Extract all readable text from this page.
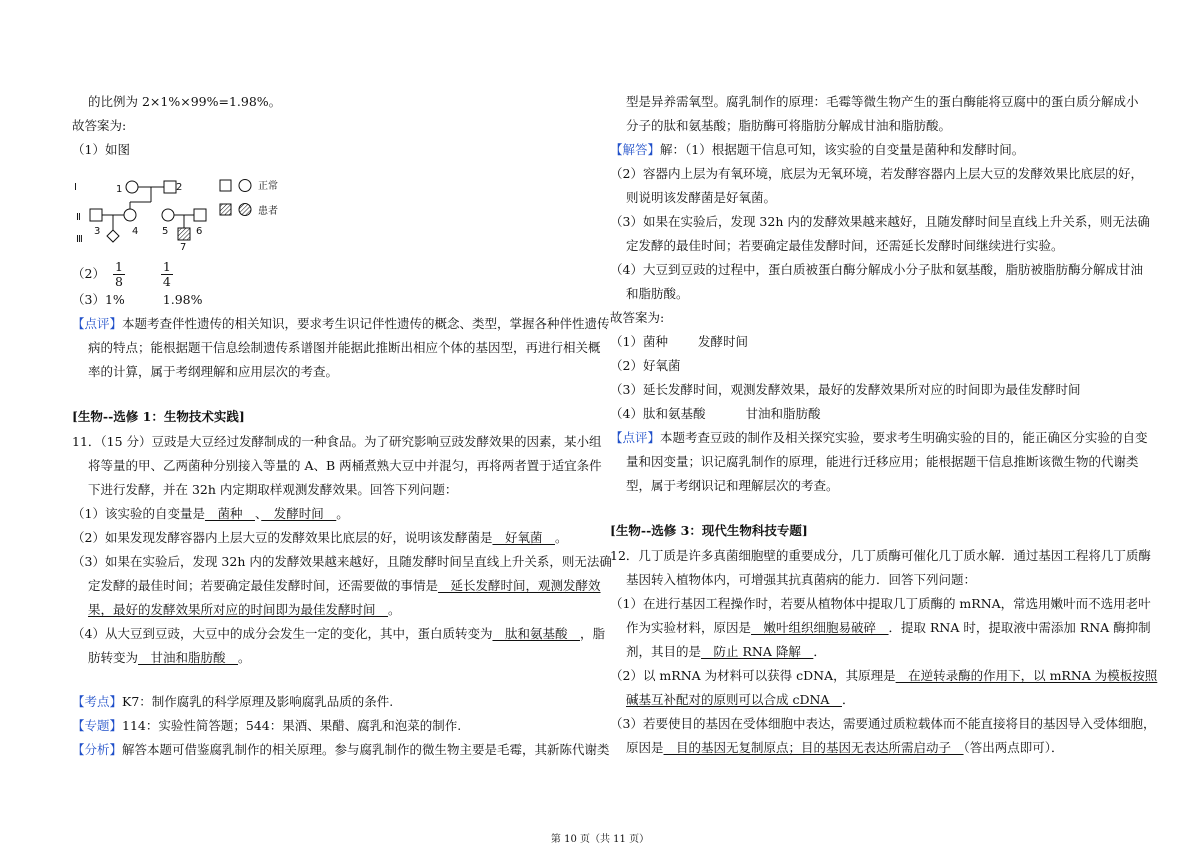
的比例为 2×1%×99%=1.98%。
故答案为:
（1）如图
Ⅰ
Ⅱ
Ⅲ
1	2
3	4 5	6
7
正常
患者
$(2) \frac{1}{8}$
	$\frac{1}{4}$
（3）1%	1.98%
【点评】本题考查伴性遗传的相关知识，要求考生识记伴性遗传的概念、类型，掌握各种伴性遗传
病的特点；能根据题干信息绘制遗传系谱图并能据此推断出相应个体的基因型，再进行相关概
率的计算，属于考纲理解和应用层次的考查。
[生物--选修 1：生物技术实践]
11．（15 分）豆豉是大豆经过发酵制成的一种食品。为了研究影响豆豉发酵效果的因素，某小组
将等量的甲、乙两菌种分别接入等量的 A、B 两桶煮熟大豆中并混匀，再将两者置于适宜条件
下进行发酵，并在 32h 内定期取样观测发酵效果。回答下列问题：
（1）该实验的自变量是　菌种　、　发酵时间　。
（2）如果发现发酵容器内上层大豆的发酵效果比底层的好，说明该发酵菌是　好氧菌　。
（3）如果在实验后，发现 32h 内的发酵效果越来越好，且随发酵时间呈直线上升关系，则无法确
定发酵的最佳时间；若要确定最佳发酵时间，还需要做的事情是　延长发酵时间，观测发酵效
果，最好的发酵效果所对应的时间即为最佳发酵时间　。
（4）从大豆到豆豉，大豆中的成分会发生一定的变化，其中，蛋白质转变为　肽和氨基酸　，脂
肪转变为　甘油和脂肪酸　。
【考点】K7：制作腐乳的科学原理及影响腐乳品质的条件.
【专题】114：实验性简答题；544：果酒、果醋、腐乳和泡菜的制作.
【分析】解答本题可借鉴腐乳制作的相关原理。参与腐乳制作的微生物主要是毛霉，其新陈代谢类
型是异养需氧型。腐乳制作的原理：毛霉等微生物产生的蛋白酶能将豆腐中的蛋白质分解成小
分子的肽和氨基酸；脂肪酶可将脂肪分解成甘油和脂肪酸。
【解答】解：（1）根据题干信息可知，该实验的自变量是菌种和发酵时间。
（2）容器内上层为有氧环境，底层为无氧环境，若发酵容器内上层大豆的发酵效果比底层的好，
则说明该发酵菌是好氧菌。
（3）如果在实验后，发现 32h 内的发酵效果越来越好，且随发酵时间呈直线上升关系，则无法确
定发酵的最佳时间；若要确定最佳发酵时间，还需延长发酵时间继续进行实验。
（4）大豆到豆豉的过程中，蛋白质被蛋白酶分解成小分子肽和氨基酸，脂肪被脂肪酶分解成甘油
和脂肪酸。
故答案为:
（1）菌种 发酵时间
（2）好氧菌
（3）延长发酵时间，观测发酵效果，最好的发酵效果所对应的时间即为最佳发酵时间
（4）肽和氨基酸	甘油和脂肪酸
【点评】本题考查豆豉的制作及相关探究实验，要求考生明确实验的目的，能正确区分实验的自变
量和因变量；识记腐乳制作的原理，能进行迁移应用；能根据题干信息推断该微生物的代谢类
型，属于考纲识记和理解层次的考查。
[生物--选修 3：现代生物科技专题]
12．几丁质是许多真菌细胞壁的重要成分，几丁质酶可催化几丁质水解．通过基因工程将几丁质酶
基因转入植物体内，可增强其抗真菌病的能力．回答下列问题：
（1）在进行基因工程操作时，若要从植物体中提取几丁质酶的 mRNA，常选用嫩叶而不选用老叶
作为实验材料，原因是　嫩叶组织细胞易破碎　．提取 RNA 时，提取液中需添加 RNA 酶抑制
剂，其目的是　防止 RNA 降解　．
（2）以 mRNA 为材料可以获得 cDNA，其原理是　在逆转录酶的作用下，以 mRNA 为模板按照
碱基互补配对的原则可以合成 cDNA　．
（3）若要使目的基因在受体细胞中表达，需要通过质粒载体而不能直接将目的基因导入受体细胞，
原因是　目的基因无复制原点；目的基因无表达所需启动子　（答出两点即可）．
第 10 页（共 11 页）
